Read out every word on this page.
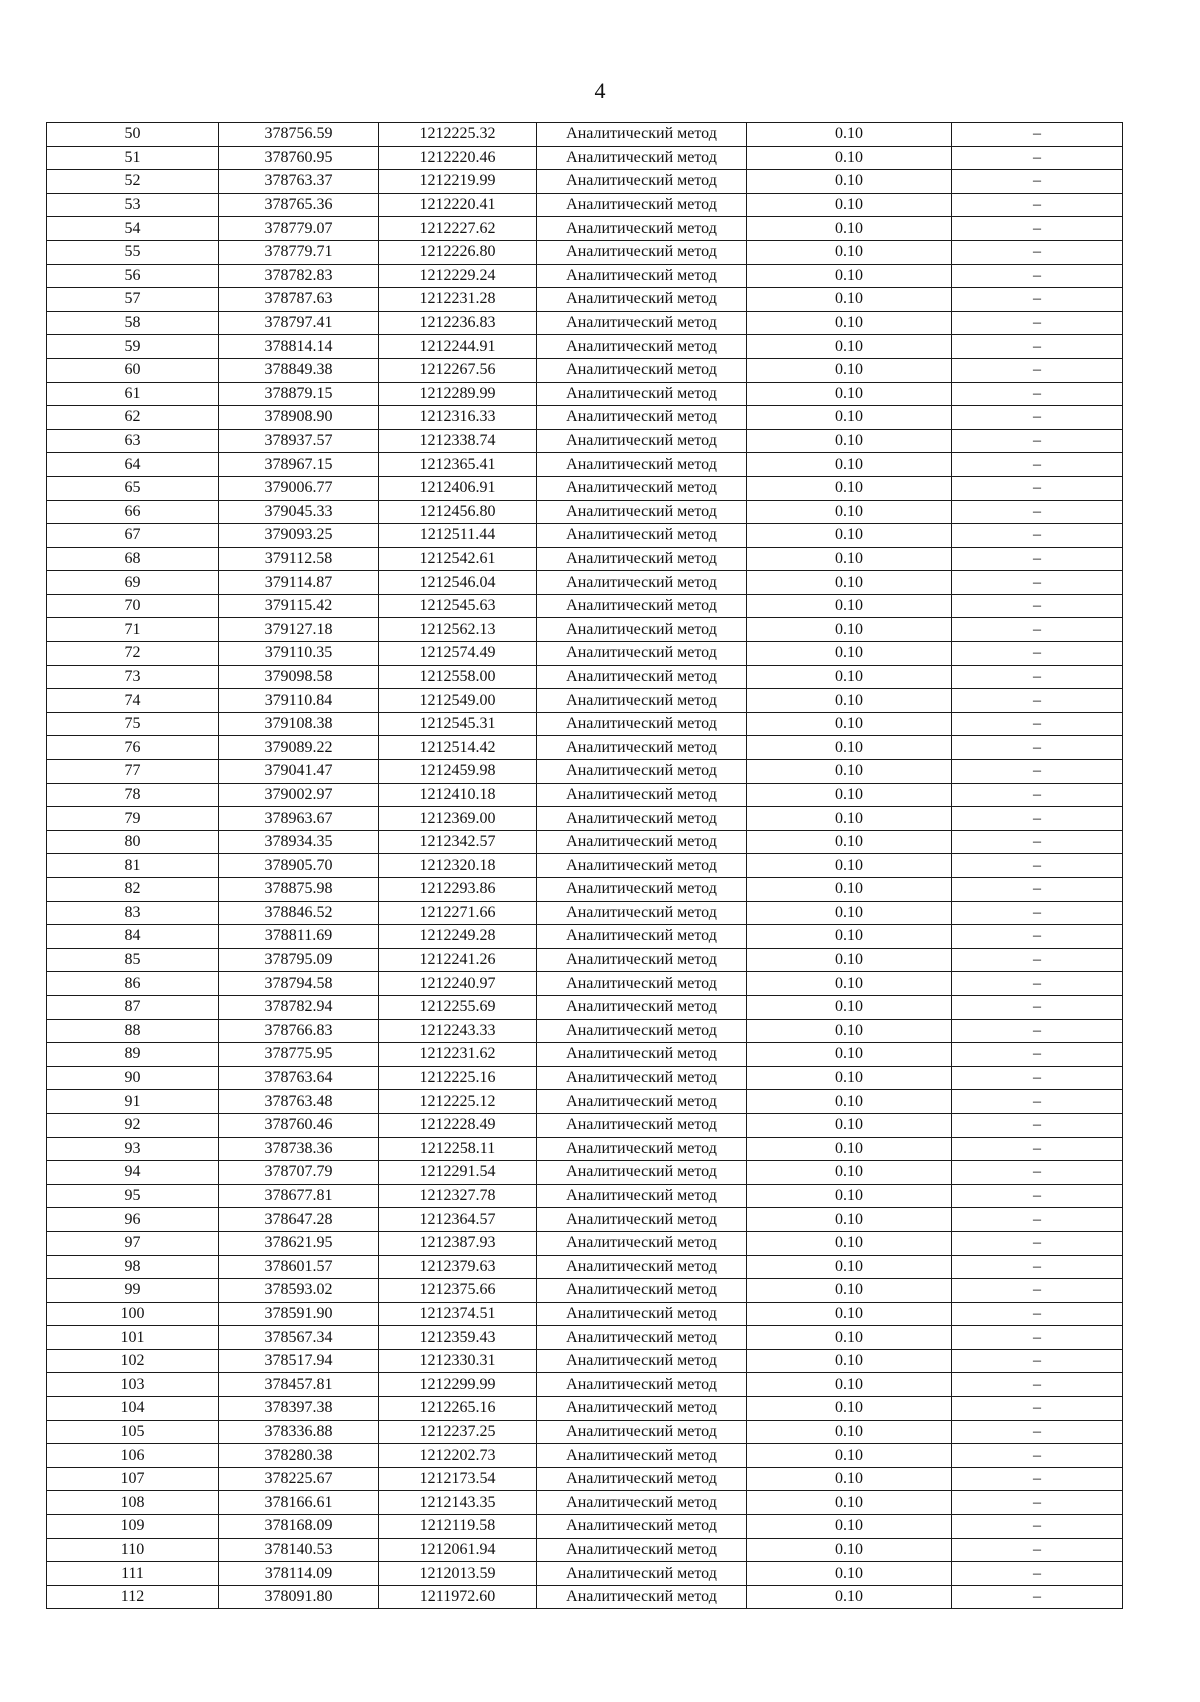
4
50	378756.59	1212225.32	Аналитический метод	0.10	–
51	378760.95	1212220.46	Аналитический метод	0.10	–
52	378763.37	1212219.99	Аналитический метод	0.10	–
53	378765.36	1212220.41	Аналитический метод	0.10	–
54	378779.07	1212227.62	Аналитический метод	0.10	–
55	378779.71	1212226.80	Аналитический метод	0.10	–
56	378782.83	1212229.24	Аналитический метод	0.10	–
57	378787.63	1212231.28	Аналитический метод	0.10	–
58	378797.41	1212236.83	Аналитический метод	0.10	–
59	378814.14	1212244.91	Аналитический метод	0.10	–
60	378849.38	1212267.56	Аналитический метод	0.10	–
61	378879.15	1212289.99	Аналитический метод	0.10	–
62	378908.90	1212316.33	Аналитический метод	0.10	–
63	378937.57	1212338.74	Аналитический метод	0.10	–
64	378967.15	1212365.41	Аналитический метод	0.10	–
65	379006.77	1212406.91	Аналитический метод	0.10	–
66	379045.33	1212456.80	Аналитический метод	0.10	–
67	379093.25	1212511.44	Аналитический метод	0.10	–
68	379112.58	1212542.61	Аналитический метод	0.10	–
69	379114.87	1212546.04	Аналитический метод	0.10	–
70	379115.42	1212545.63	Аналитический метод	0.10	–
71	379127.18	1212562.13	Аналитический метод	0.10	–
72	379110.35	1212574.49	Аналитический метод	0.10	–
73	379098.58	1212558.00	Аналитический метод	0.10	–
74	379110.84	1212549.00	Аналитический метод	0.10	–
75	379108.38	1212545.31	Аналитический метод	0.10	–
76	379089.22	1212514.42	Аналитический метод	0.10	–
77	379041.47	1212459.98	Аналитический метод	0.10	–
78	379002.97	1212410.18	Аналитический метод	0.10	–
79	378963.67	1212369.00	Аналитический метод	0.10	–
80	378934.35	1212342.57	Аналитический метод	0.10	–
81	378905.70	1212320.18	Аналитический метод	0.10	–
82	378875.98	1212293.86	Аналитический метод	0.10	–
83	378846.52	1212271.66	Аналитический метод	0.10	–
84	378811.69	1212249.28	Аналитический метод	0.10	–
85	378795.09	1212241.26	Аналитический метод	0.10	–
86	378794.58	1212240.97	Аналитический метод	0.10	–
87	378782.94	1212255.69	Аналитический метод	0.10	–
88	378766.83	1212243.33	Аналитический метод	0.10	–
89	378775.95	1212231.62	Аналитический метод	0.10	–
90	378763.64	1212225.16	Аналитический метод	0.10	–
91	378763.48	1212225.12	Аналитический метод	0.10	–
92	378760.46	1212228.49	Аналитический метод	0.10	–
93	378738.36	1212258.11	Аналитический метод	0.10	–
94	378707.79	1212291.54	Аналитический метод	0.10	–
95	378677.81	1212327.78	Аналитический метод	0.10	–
96	378647.28	1212364.57	Аналитический метод	0.10	–
97	378621.95	1212387.93	Аналитический метод	0.10	–
98	378601.57	1212379.63	Аналитический метод	0.10	–
99	378593.02	1212375.66	Аналитический метод	0.10	–
100	378591.90	1212374.51	Аналитический метод	0.10	–
101	378567.34	1212359.43	Аналитический метод	0.10	–
102	378517.94	1212330.31	Аналитический метод	0.10	–
103	378457.81	1212299.99	Аналитический метод	0.10	–
104	378397.38	1212265.16	Аналитический метод	0.10	–
105	378336.88	1212237.25	Аналитический метод	0.10	–
106	378280.38	1212202.73	Аналитический метод	0.10	–
107	378225.67	1212173.54	Аналитический метод	0.10	–
108	378166.61	1212143.35	Аналитический метод	0.10	–
109	378168.09	1212119.58	Аналитический метод	0.10	–
110	378140.53	1212061.94	Аналитический метод	0.10	–
111	378114.09	1212013.59	Аналитический метод	0.10	–
112	378091.80	1211972.60	Аналитический метод	0.10	–
